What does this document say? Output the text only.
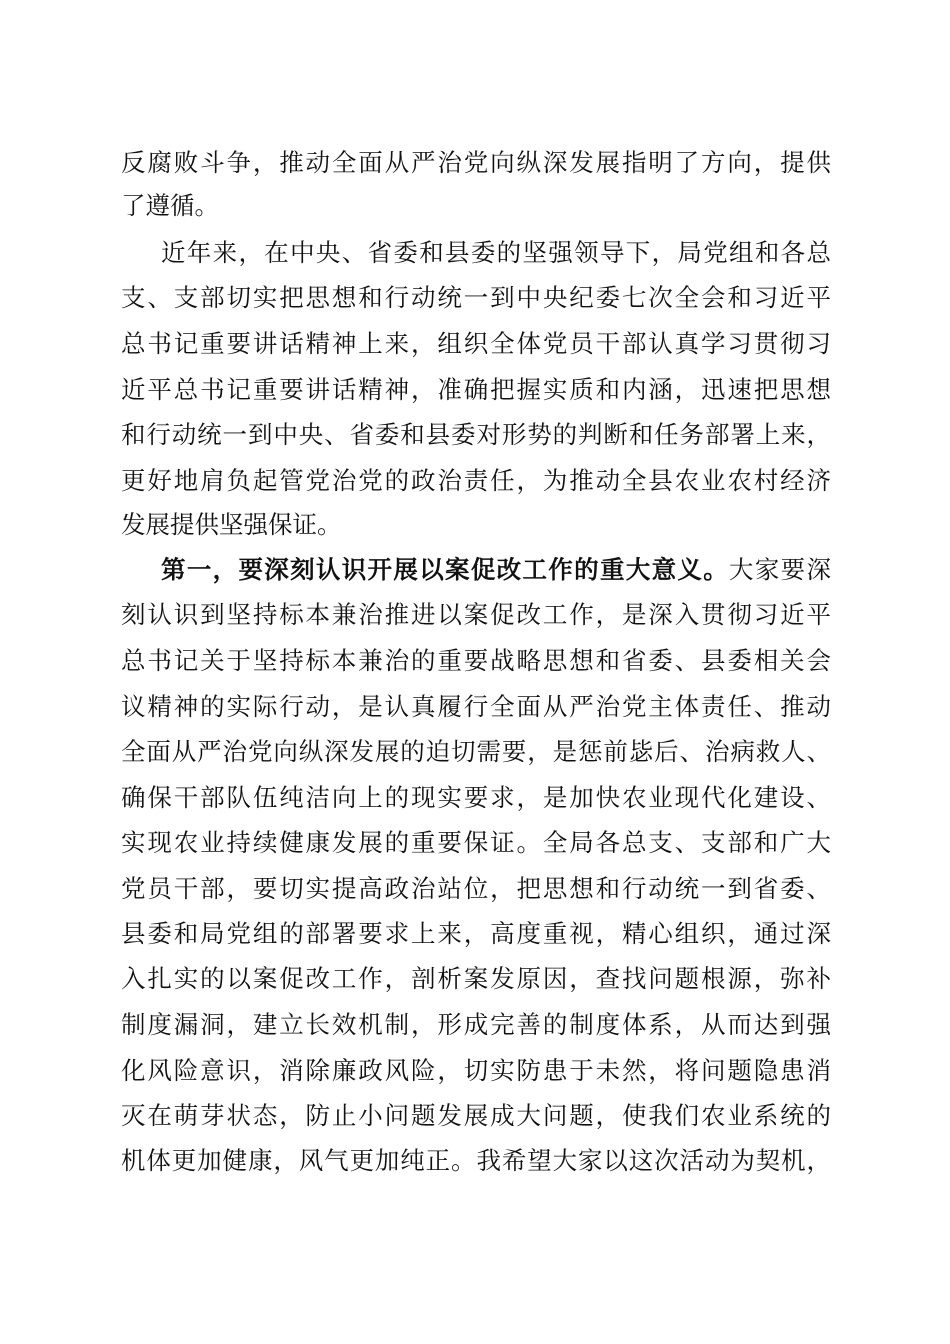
反腐败斗争，推动全面从严治党向纵深发展指明了方向，提供
了遵循。
近年来，在中央、省委和县委的坚强领导下，局党组和各总
支、支部切实把思想和行动统一到中央纪委七次全会和习近平
总书记重要讲话精神上来，组织全体党员干部认真学习贯彻习
近平总书记重要讲话精神，准确把握实质和内涵，迅速把思想
和行动统一到中央、省委和县委对形势的判断和任务部署上来，
更好地肩负起管党治党的政治责任，为推动全县农业农村经济
发展提供坚强保证。
第一，要深刻认识开展以案促改工作的重大意义。大家要深
刻认识到坚持标本兼治推进以案促改工作，是深入贯彻习近平
总书记关于坚持标本兼治的重要战略思想和省委、县委相关会
议精神的实际行动，是认真履行全面从严治党主体责任、推动
全面从严治党向纵深发展的迫切需要，是惩前毖后、治病救人、
确保干部队伍纯洁向上的现实要求，是加快农业现代化建设、
实现农业持续健康发展的重要保证。全局各总支、支部和广大
党员干部，要切实提高政治站位，把思想和行动统一到省委、
县委和局党组的部署要求上来，高度重视，精心组织，通过深
入扎实的以案促改工作，剖析案发原因，查找问题根源，弥补
制度漏洞，建立长效机制，形成完善的制度体系，从而达到强
化风险意识，消除廉政风险，切实防患于未然，将问题隐患消
灭在萌芽状态，防止小问题发展成大问题，使我们农业系统的
机体更加健康，风气更加纯正。我希望大家以这次活动为契机，
